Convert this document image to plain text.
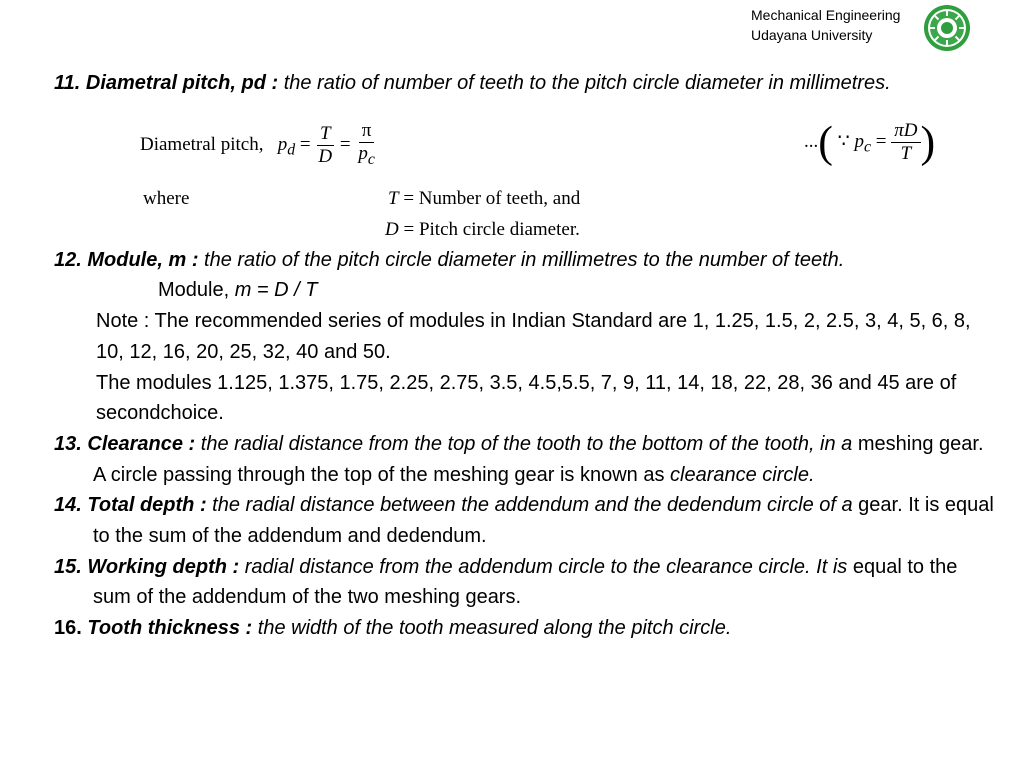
Mechanical Engineering
Udayana University

11. Diametral pitch, pd : the ratio of number of teeth to the pitch circle diameter in millimetres.

Diametral pitch, $p_d = \frac{T}{D} = \frac{\pi}{p_c}$	...( ∵ $p_c = \frac{\pi D}{T}$ )
where	T = Number of teeth, and
D = Pitch circle diameter.

12. Module, m : the ratio of the pitch circle diameter in millimetres to the number of teeth.

Module, m = D / T

Note : The recommended series of modules in Indian Standard are 1, 1.25, 1.5, 2, 2.5, 3, 4, 5, 6, 8, 10, 12, 16, 20, 25, 32, 40 and 50.

The modules 1.125, 1.375, 1.75, 2.25, 2.75, 3.5, 4.5,5.5, 7, 9, 11, 14, 18, 22, 28, 36 and 45 are of secondchoice.

13. Clearance : the radial distance from the top of the tooth to the bottom of the tooth, in a meshing gear. A circle passing through the top of the meshing gear is known as clearance circle.

14. Total depth : the radial distance between the addendum and the dedendum circle of a gear. It is equal to the sum of the addendum and dedendum.

15. Working depth : radial distance from the addendum circle to the clearance circle. It is equal to the sum of the addendum of the two meshing gears.

16. Tooth thickness : the width of the tooth measured along the pitch circle.
